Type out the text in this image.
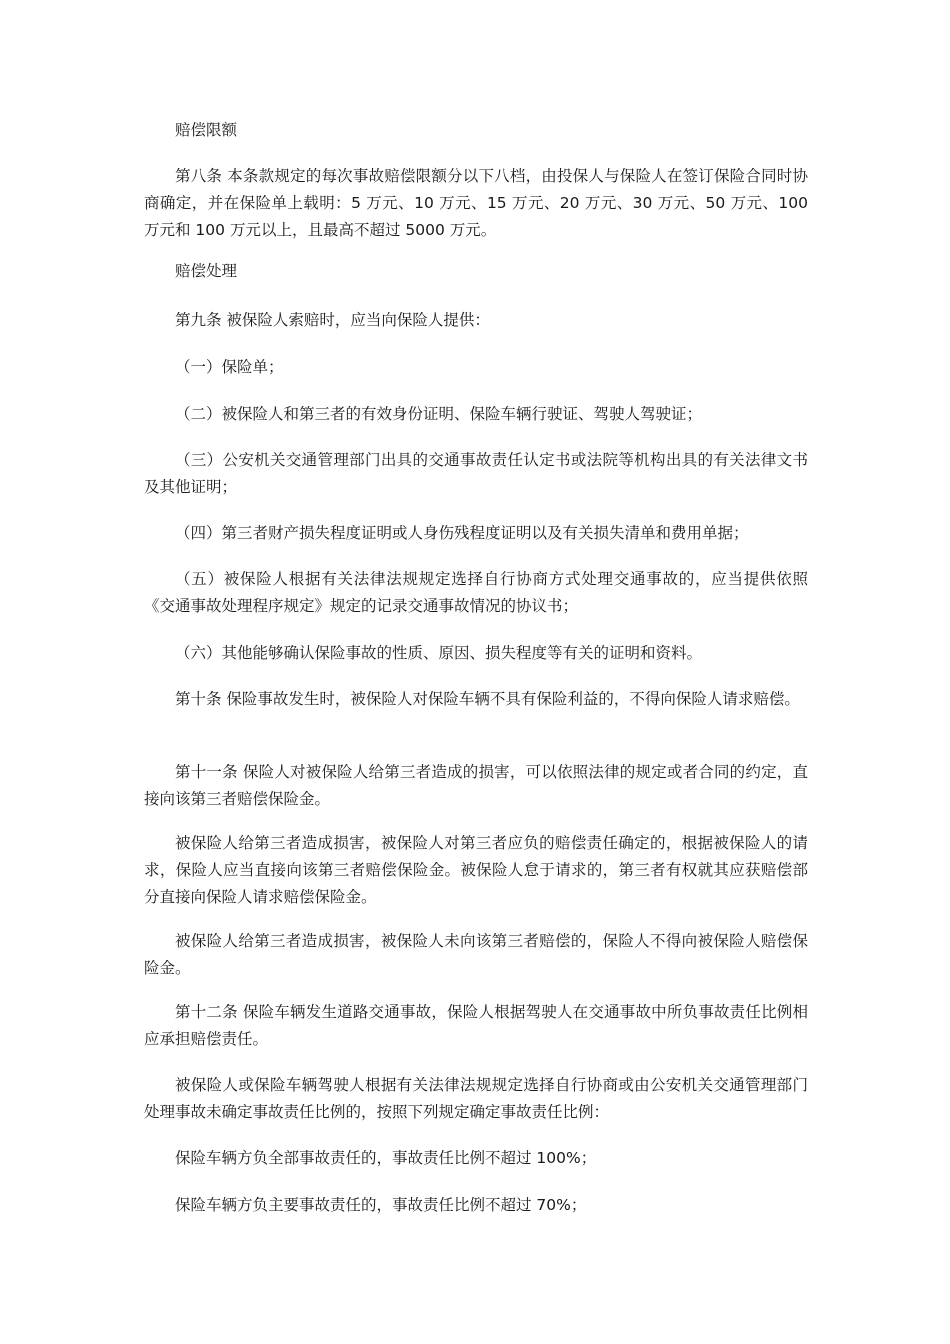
赔偿限额

第八条 本条款规定的每次事故赔偿限额分以下八档，由投保人与保险人在签订保险合同时协商确定，并在保险单上载明：5 万元、10 万元、15 万元、20 万元、30 万元、50 万元、100 万元和 100 万元以上，且最高不超过 5000 万元。

赔偿处理

第九条 被保险人索赔时，应当向保险人提供：

（一）保险单；

（二）被保险人和第三者的有效身份证明、保险车辆行驶证、驾驶人驾驶证；

（三）公安机关交通管理部门出具的交通事故责任认定书或法院等机构出具的有关法律文书及其他证明；

（四）第三者财产损失程度证明或人身伤残程度证明以及有关损失清单和费用单据；

（五）被保险人根据有关法律法规规定选择自行协商方式处理交通事故的，应当提供依照《交通事故处理程序规定》规定的记录交通事故情况的协议书；

（六）其他能够确认保险事故的性质、原因、损失程度等有关的证明和资料。

第十条 保险事故发生时，被保险人对保险车辆不具有保险利益的，不得向保险人请求赔偿。

第十一条 保险人对被保险人给第三者造成的损害，可以依照法律的规定或者合同的约定，直接向该第三者赔偿保险金。

被保险人给第三者造成损害，被保险人对第三者应负的赔偿责任确定的，根据被保险人的请求，保险人应当直接向该第三者赔偿保险金。被保险人怠于请求的，第三者有权就其应获赔偿部分直接向保险人请求赔偿保险金。

被保险人给第三者造成损害，被保险人未向该第三者赔偿的，保险人不得向被保险人赔偿保险金。

第十二条 保险车辆发生道路交通事故，保险人根据驾驶人在交通事故中所负事故责任比例相应承担赔偿责任。

被保险人或保险车辆驾驶人根据有关法律法规规定选择自行协商或由公安机关交通管理部门处理事故未确定事故责任比例的，按照下列规定确定事故责任比例：

保险车辆方负全部事故责任的，事故责任比例不超过 100%；

保险车辆方负主要事故责任的，事故责任比例不超过 70%；
